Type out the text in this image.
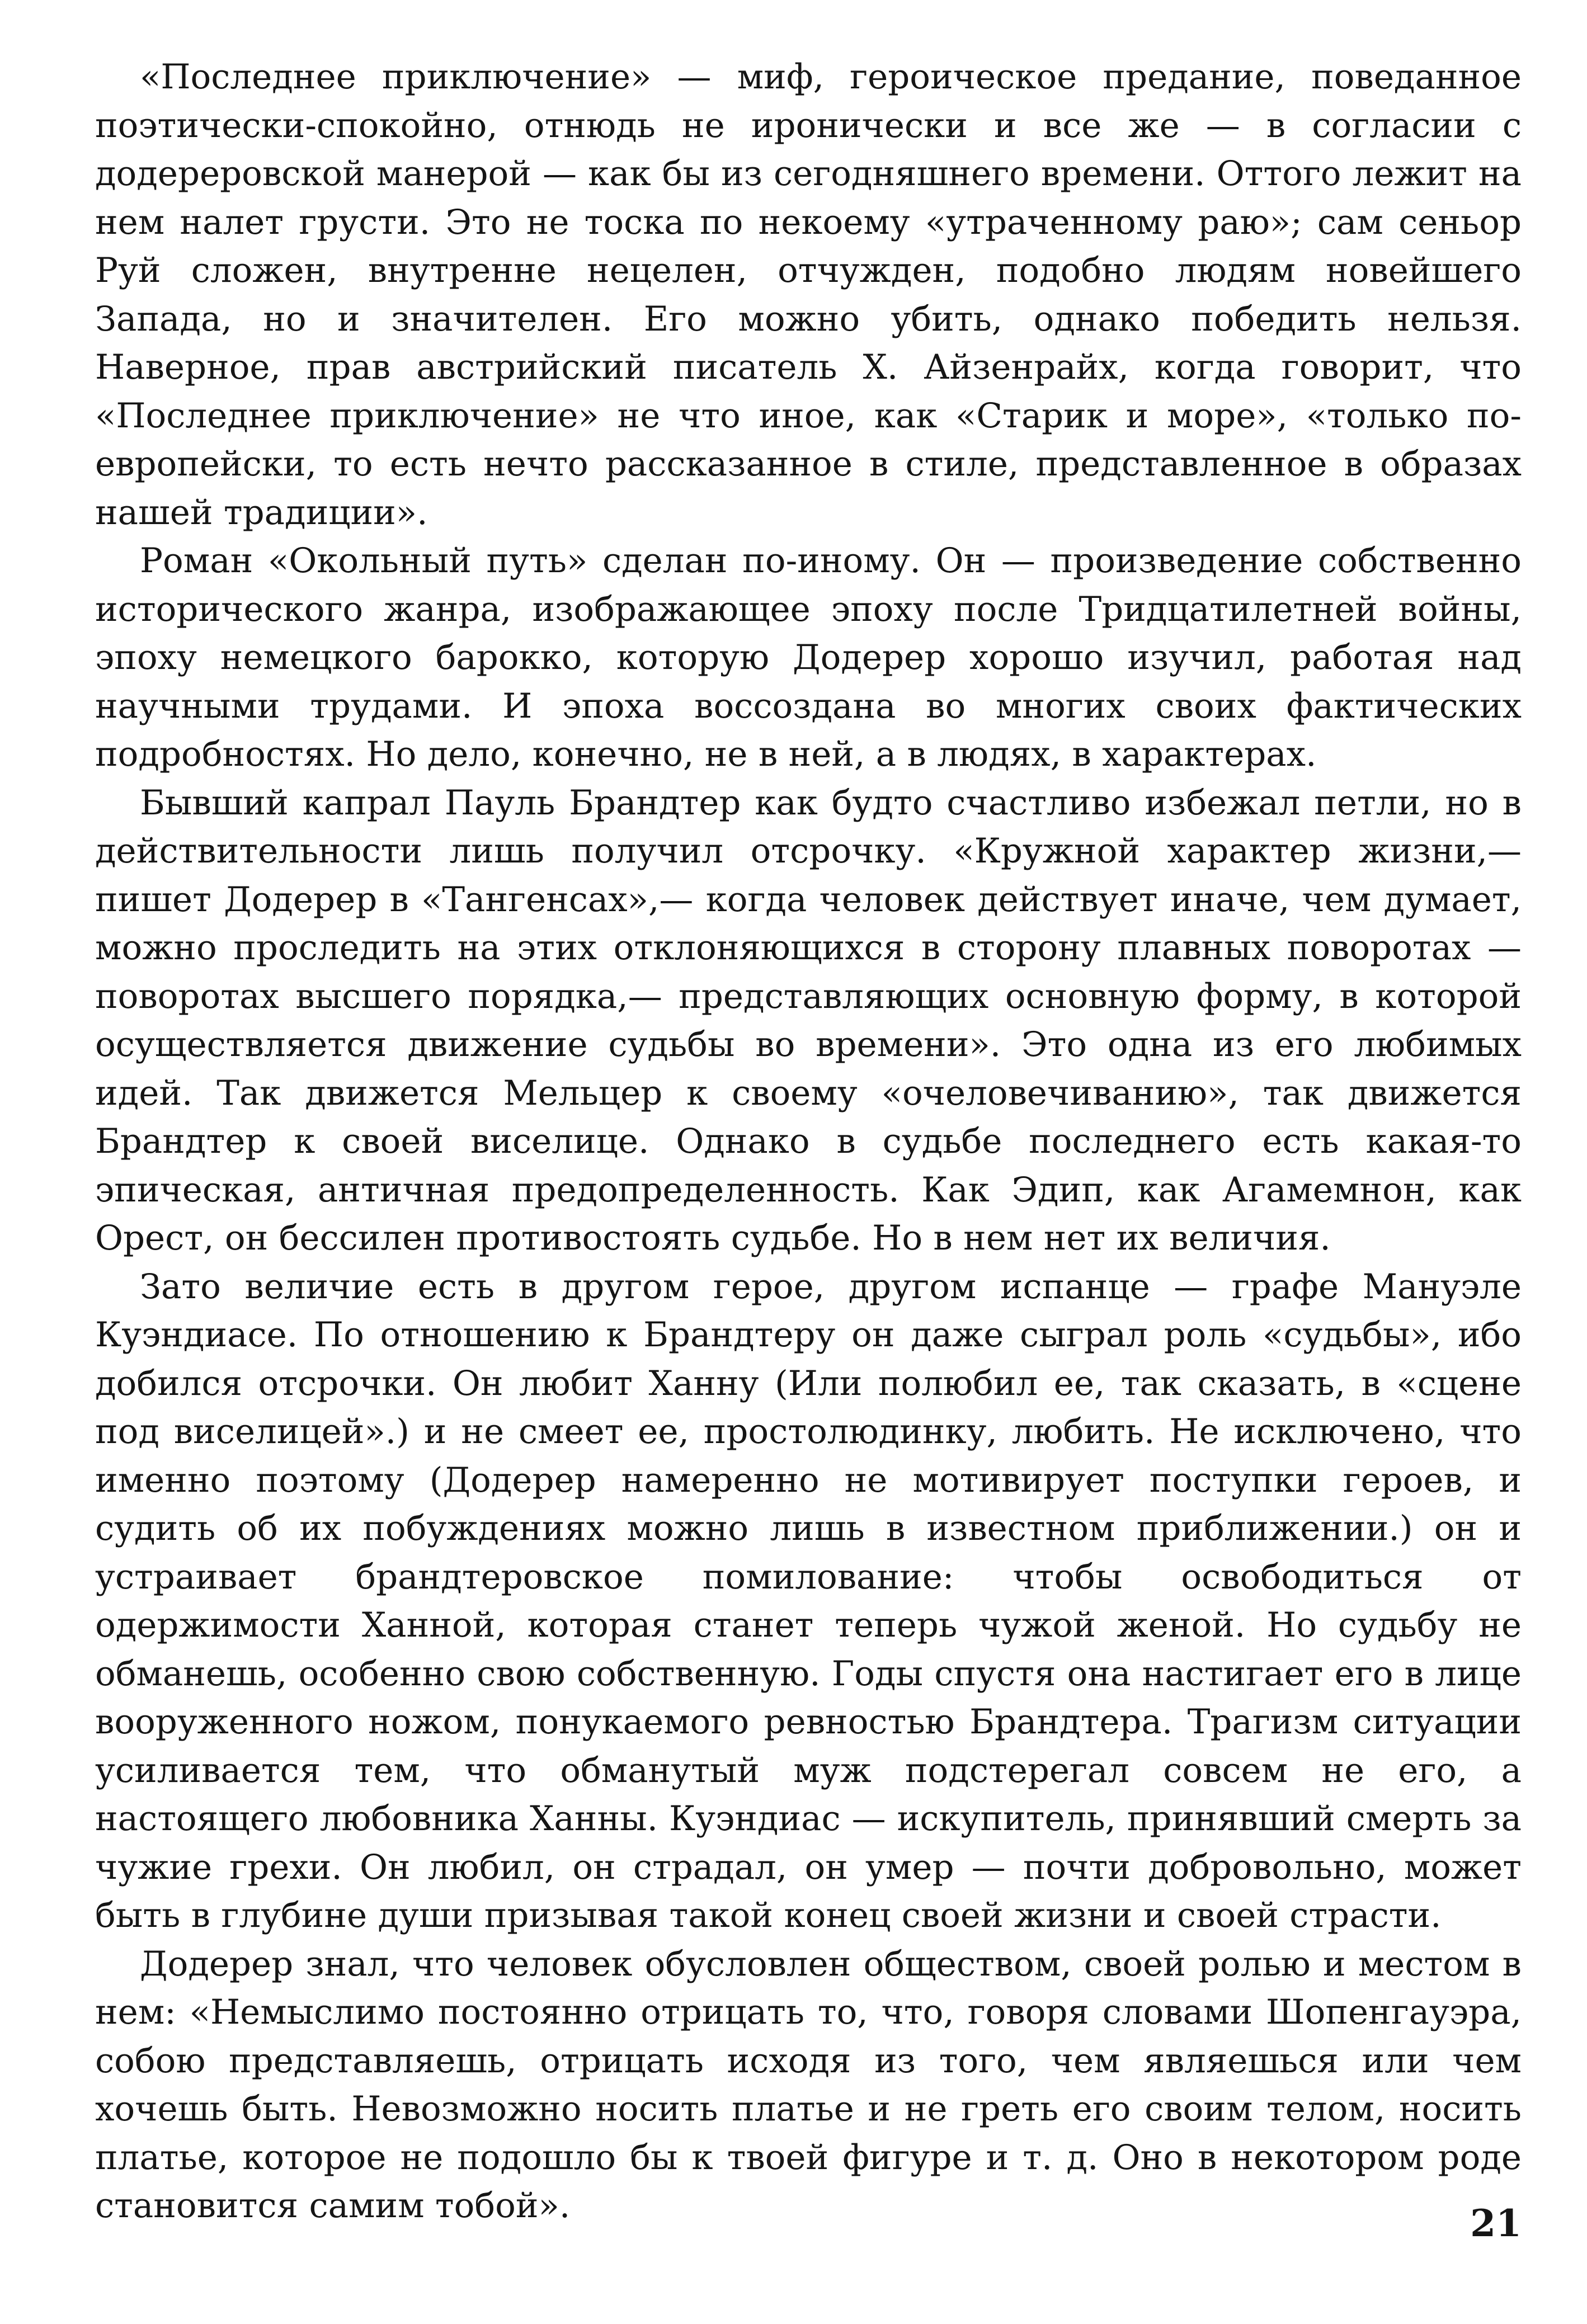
«Последнее приключение» — миф, героическое предание, поведанное поэтически-спокойно, отнюдь не иронически и все же — в согласии с додереровской манерой — как бы из сегодняшнего времени. Оттого лежит на нем налет грусти. Это не тоска по некоему «утраченному раю»; сам сеньор Руй сложен, внутренне нецелен, отчужден, подобно людям новейшего Запада, но и значителен. Его можно убить, однако победить нельзя. Наверное, прав австрийский писатель Х. Айзенрайх, когда говорит, что «Последнее приключение» не что иное, как «Старик и море», «только по-европейски, то есть нечто рассказанное в стиле, представленное в образах нашей традиции».

Роман «Окольный путь» сделан по-иному. Он — произведение собственно исторического жанра, изображающее эпоху после Тридцатилетней войны, эпоху немецкого барокко, которую Додерер хорошо изучил, работая над научными трудами. И эпоха воссоздана во многих своих фактических подробностях. Но дело, конечно, не в ней, а в людях, в характерах.

Бывший капрал Пауль Брандтер как будто счастливо избежал петли, но в действительности лишь получил отсрочку. «Кружной характер жизни,— пишет Додерер в «Тангенсах»,— когда человек действует иначе, чем думает, можно проследить на этих отклоняющихся в сторону плавных поворотах — поворотах высшего порядка,— представляющих основную форму, в которой осуществляется движение судьбы во времени». Это одна из его любимых идей. Так движется Мельцер к своему «очеловечиванию», так движется Брандтер к своей виселице. Однако в судьбе последнего есть какая-то эпическая, античная предопределенность. Как Эдип, как Агамемнон, как Орест, он бессилен противостоять судьбе. Но в нем нет их величия.

Зато величие есть в другом герое, другом испанце — графе Мануэле Куэндиасе. По отношению к Брандтеру он даже сыграл роль «судьбы», ибо добился отсрочки. Он любит Ханну (Или полюбил ее, так сказать, в «сцене под виселицей».) и не смеет ее, простолюдинку, любить. Не исключено, что именно поэтому (Додерер намеренно не мотивирует поступки героев, и судить об их побуждениях можно лишь в известном приближении.) он и устраивает брандтеровское помилование: чтобы освободиться от одержимости Ханной, которая станет теперь чужой женой. Но судьбу не обманешь, особенно свою собственную. Годы спустя она настигает его в лице вооруженного ножом, понукаемого ревностью Брандтера. Трагизм ситуации усиливается тем, что обманутый муж подстерегал совсем не его, а настоящего любовника Ханны. Куэндиас — искупитель, принявший смерть за чужие грехи. Он любил, он страдал, он умер — почти добровольно, может быть в глубине души призывая такой конец своей жизни и своей страсти.

Додерер знал, что человек обусловлен обществом, своей ролью и местом в нем: «Немыслимо постоянно отрицать то, что, говоря словами Шопенгауэра, собою представляешь, отрицать исходя из того, чем являешься или чем хочешь быть. Невозможно носить платье и не греть его своим телом, носить платье, которое не подошло бы к твоей фигуре и т. д. Оно в некотором роде становится самим тобой».	21
